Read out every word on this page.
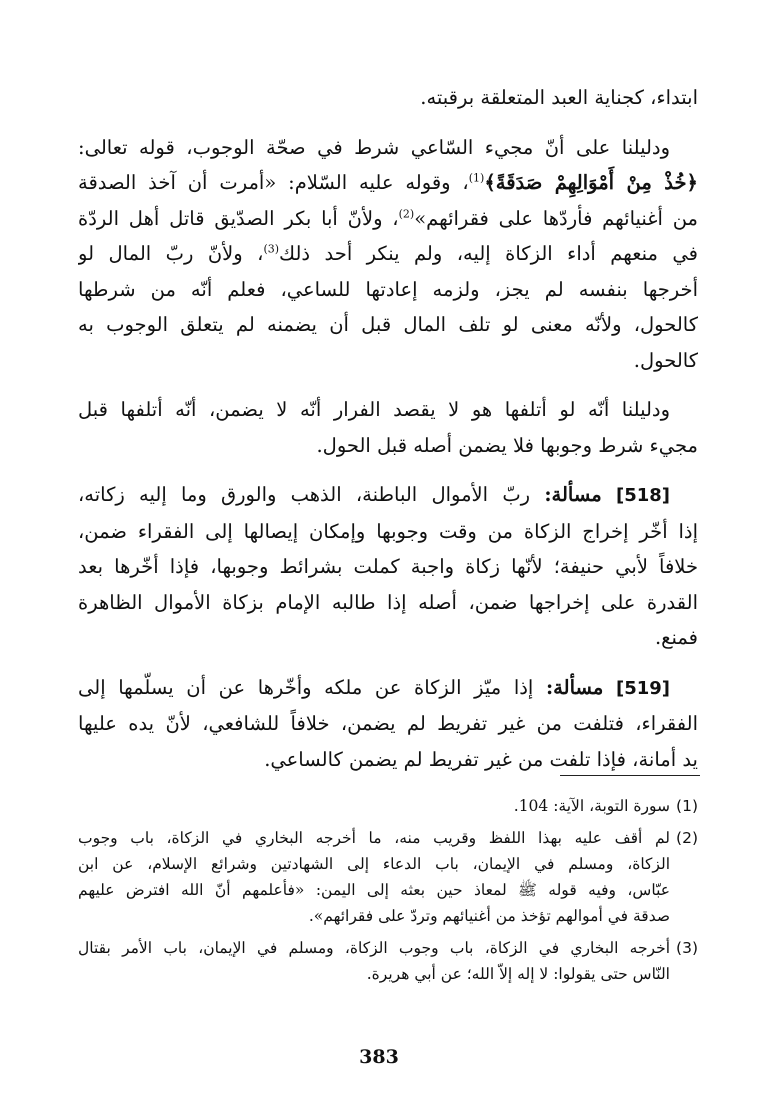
ابتداء، كجناية العبد المتعلقة برقبته.
ودليلنا على أنّ مجيء السّاعي شرط في صحّة الوجوب، قوله تعالى:
﴿خُذْ مِنْ أَمْوَالِهِمْ صَدَقَةً﴾$^{(1)}$، وقوله عليه السّلام: «أمرت أن آخذ الصدقة
من أغنيائهم فأردّها على فقرائهم»$^{(2)}$، ولأنّ أبا بكر الصدّيق قاتل أهل الردّة
في منعهم أداء الزكاة إليه، ولم ينكر أحد ذلك$^{(3)}$، ولأنّ ربّ المال لو
أخرجها بنفسه لم يجز، ولزمه إعادتها للساعي، فعلم أنّه من شرطها
كالحول، ولأنّه معنى لو تلف المال قبل أن يضمنه لم يتعلق الوجوب به
كالحول.
ودليلنا أنّه لو أتلفها هو لا يقصد الفرار أنّه لا يضمن، أنّه أتلفها قبل
مجيء شرط وجوبها فلا يضمن أصله قبل الحول.
[518] مسألة: ربّ الأموال الباطنة، الذهب والورق وما إليه زكاته،
إذا أخّر إخراج الزكاة من وقت وجوبها وإمكان إيصالها إلى الفقراء ضمن،
خلافاً لأبي حنيفة؛ لأنّها زكاة واجبة كملت بشرائط وجوبها، فإذا أخّرها بعد
القدرة على إخراجها ضمن، أصله إذا طالبه الإمام بزكاة الأموال الظاهرة
فمنع.
[519] مسألة: إذا ميّز الزكاة عن ملكه وأخّرها عن أن يسلّمها إلى
الفقراء، فتلفت من غير تفريط لم يضمن، خلافاً للشافعي، لأنّ يده عليها
يد أمانة، فإذا تلفت من غير تفريط لم يضمن كالساعي.
(1)
سورة التوبة، الآية: 104.
(2)
لم أقف عليه بهذا اللفظ وقريب منه، ما أخرجه البخاري في الزكاة، باب وجوب
الزكاة، ومسلم في الإيمان، باب الدعاء إلى الشهادتين وشرائع الإسلام، عن ابن
عبّاس، وفيه قوله ﷺ لمعاذ حين بعثه إلى اليمن: «فأعلمهم أنّ الله افترض عليهم
صدقة في أموالهم تؤخذ من أغنيائهم وتردّ على فقرائهم».
(3)
أخرجه البخاري في الزكاة، باب وجوب الزكاة، ومسلم في الإيمان، باب الأمر بقتال
النّاس حتى يقولوا: لا إله إلاّ الله؛ عن أبي هريرة.
383
